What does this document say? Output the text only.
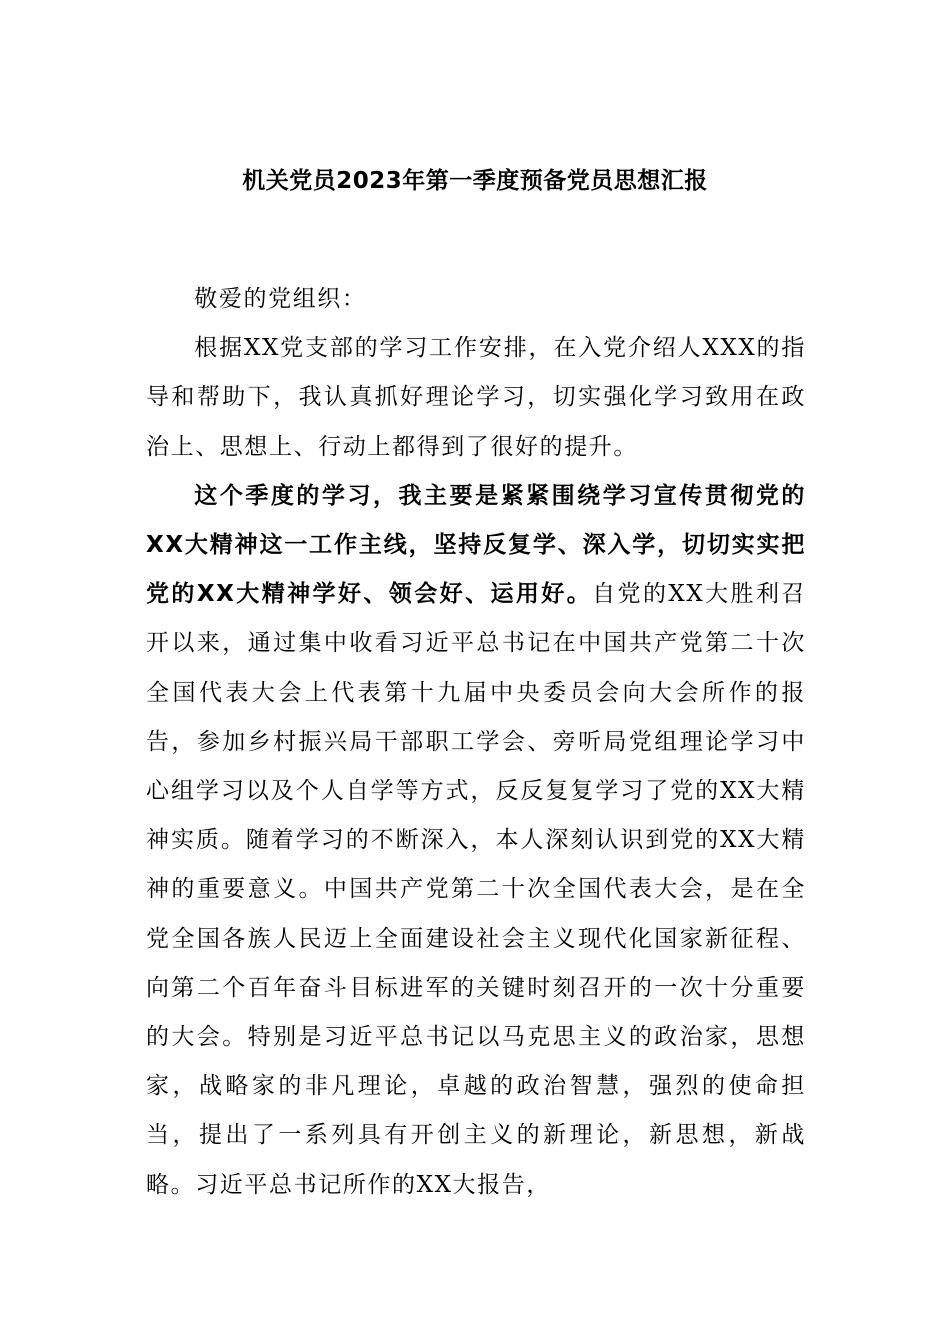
机关党员2023年第一季度预备党员思想汇报

敬爱的党组织：

根据XX党支部的学习工作安排，在入党介绍人XXX的指导和帮助下，我认真抓好理论学习，切实强化学习致用在政治上、思想上、行动上都得到了很好的提升。

这个季度的学习，我主要是紧紧围绕学习宣传贯彻党的XX大精神这一工作主线，坚持反复学、深入学，切切实实把党的XX大精神学好、领会好、运用好。自党的XX大胜利召开以来，通过集中收看习近平总书记在中国共产党第二十次全国代表大会上代表第十九届中央委员会向大会所作的报告，参加乡村振兴局干部职工学会、旁听局党组理论学习中心组学习以及个人自学等方式，反反复复学习了党的XX大精神实质。随着学习的不断深入，本人深刻认识到党的XX大精神的重要意义。中国共产党第二十次全国代表大会，是在全党全国各族人民迈上全面建设社会主义现代化国家新征程、向第二个百年奋斗目标进军的关键时刻召开的一次十分重要的大会。特别是习近平总书记以马克思主义的政治家，思想家，战略家的非凡理论，卓越的政治智慧，强烈的使命担当，提出了一系列具有开创主义的新理论，新思想，新战略。习近平总书记所作的XX大报告，
